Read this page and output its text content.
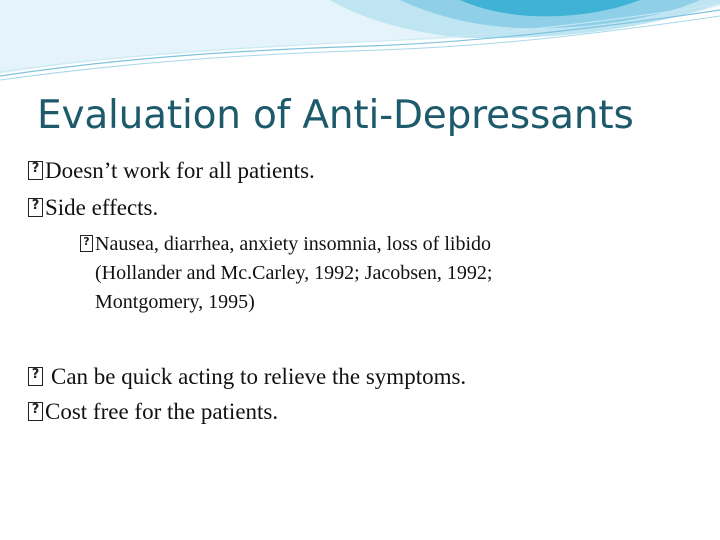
Evaluation of Anti-Depressants
?
Doesn’t work for all patients.
?
Side effects.
?
Nausea, diarrhea, anxiety insomnia, loss of libido
(Hollander and Mc.Carley, 1992; Jacobsen, 1992;
Montgomery, 1995)
?
Can be quick acting to relieve the symptoms.
?
Cost free for the patients.
